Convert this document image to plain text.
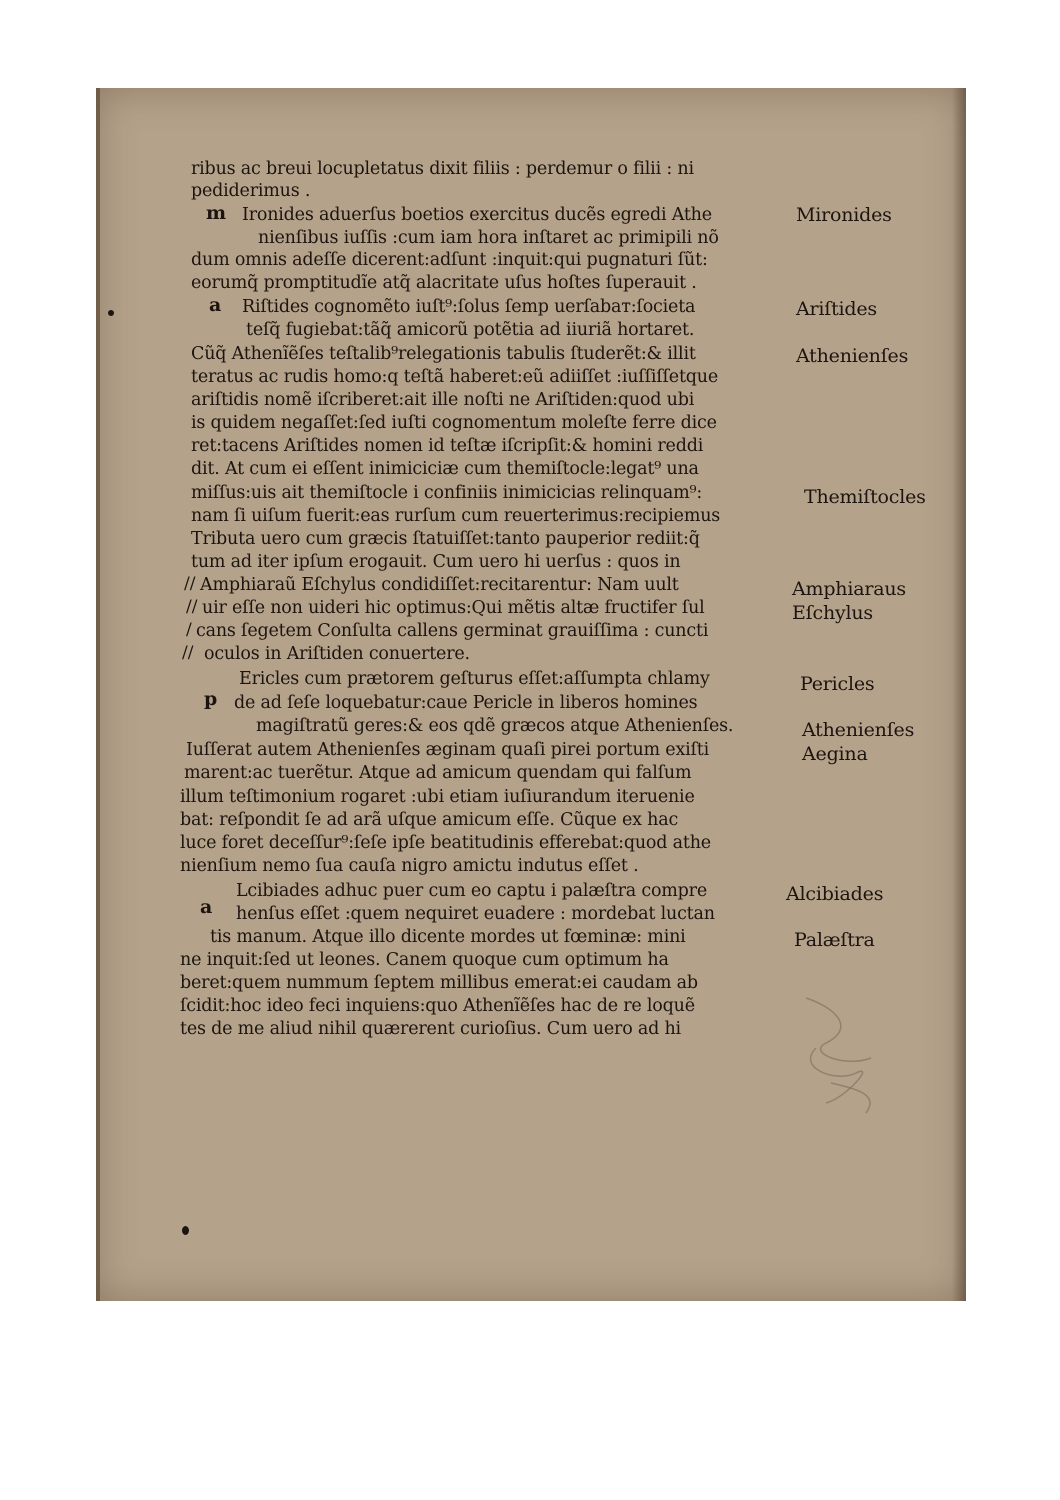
ribus ac breui locupletatus dixit filiis : perdemur o filii : ni

pediderimus .

Ironides aduerſus boetios exercitus ducẽs egredi Athe

nienſibus iuſſis :cum iam hora inſtaret ac primipili nõ

dum omnis adeſſe dicerent:adſunt :inquit:qui pugnaturi ſũt:

eorumq̃ promptitudĩe atq̃ alacritate uſus hoſtes ſuperauit .

Riſtides cognomẽto iuſt⁹:ſolus ſemp uerſabaт:ſocieta

teſq̃ fugiebat:tãq̃ amicorũ potẽtia ad iiuriã hortaret.

Cũq̃ Athenĩẽſes teſtalib⁹relegationis tabulis ſtuderẽt:& illit

teratus ac rudis homo:q teſtã haberet:eũ adiiſſet :iuſſiſſetque

ariſtidis nomẽ iſcriberet:ait ille noſti ne Ariſtiden:quod ubi

is quidem negaſſet:ſed iuſti cognomentum moleſte ferre dice

ret:tacens Ariſtides nomen id teſtæ iſcripſit:& homini reddi

dit. At cum ei eſſent inimiciciæ cum themiſtocle:legat⁹ una

miſſus:uis ait themiſtocle i confiniis inimicicias relinquam⁹:

nam ſi uiſum fuerit:eas rurſum cum reuerterimus:recipiemus

Tributa uero cum græcis ſtatuiſſet:tanto pauperior rediit:q̃

tum ad iter ipſum erogauit. Cum uero hi uerſus : quos in

Amphiaraũ Eſchylus condidiſſet:recitarentur: Nam uult

uir eſſe non uideri hic optimus:Qui mẽtis altæ fructifer ſul

cans ſegetem Conſulta callens germinat grauiſſima : cuncti

oculos in Ariſtiden conuertere.

Ericles cum prætorem geſturus eſſet:aſſumpta chlamy

de ad ſeſe loquebatur:caue Pericle in liberos homines

magiſtratũ geres:& eos qdẽ græcos atque Athenienſes.

Iuſſerat autem Athenienſes æginam quaſi pirei portum exiſti

marent:ac tuerẽtur. Atque ad amicum quendam qui falſum

illum teſtimonium rogaret :ubi etiam iuſiurandum iteruenie

bat: reſpondit ſe ad arã uſque amicum eſſe. Cũque ex hac

luce foret deceſſur⁹:ſeſe ipſe beatitudinis efferebat:quod athe

nienſium nemo ſua cauſa nigro amictu indutus eſſet .

Lcibiades adhuc puer cum eo captu i palæſtra compre

henſus eſſet :quem nequiret euadere : mordebat luctan

tis manum. Atque illo dicente mordes ut fœminæ: mini

ne inquit:ſed ut leones. Canem quoque cum optimum ha

beret:quem nummum ſeptem millibus emerat:ei caudam ab

ſcidit:hoc ideo feci inquiens:quo Athenĩẽſes hac de re loquẽ

tes de me aliud nihil quærerent curioſius. Cum uero ad hi

m
a
p
a
//
//
/
//

Mironides

Ariſtides

Athenienſes

Themiſtocles

Amphiaraus

Eſchylus

Pericles

Athenienſes

Aegina

Alcibiades

Palæſtra
